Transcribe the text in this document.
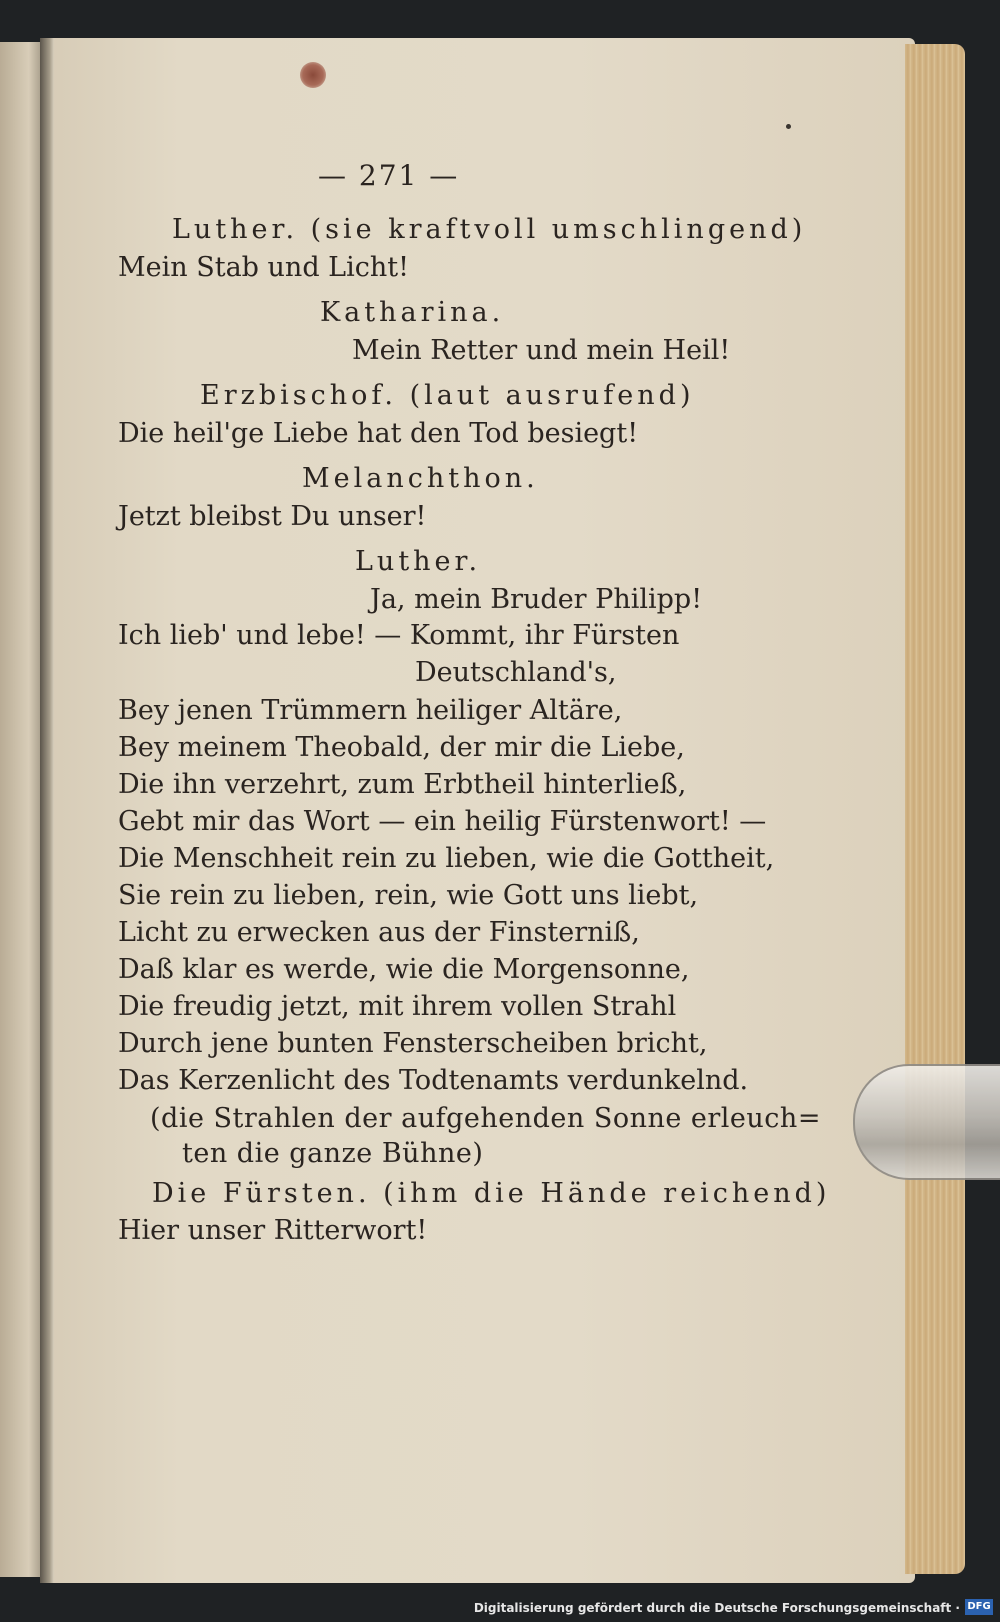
— 271 —
Luther. (sie kraftvoll umschlingend)
Mein Stab und Licht!
Katharina.
Mein Retter und mein Heil!
Erzbischof. (laut ausrufend)
Die heil'ge Liebe hat den Tod besiegt!
Melanchthon.
Jetzt bleibst Du unser!
Luther.
Ja, mein Bruder Philipp!
Ich lieb' und lebe! — Kommt, ihr Fürsten
Deutschland's,
Bey jenen Trümmern heiliger Altäre,
Bey meinem Theobald, der mir die Liebe,
Die ihn verzehrt, zum Erbtheil hinterließ,
Gebt mir das Wort — ein heilig Fürstenwort! —
Die Menschheit rein zu lieben, wie die Gottheit,
Sie rein zu lieben, rein, wie Gott uns liebt,
Licht zu erwecken aus der Finsterniß,
Daß klar es werde, wie die Morgensonne,
Die freudig jetzt, mit ihrem vollen Strahl
Durch jene bunten Fensterscheiben bricht,
Das Kerzenlicht des Todtenamts verdunkelnd.
(die Strahlen der aufgehenden Sonne erleuch=
ten die ganze Bühne)
Die Fürsten. (ihm die Hände reichend)
Hier unser Ritterwort!
Digitalisierung gefördert durch die Deutsche Forschungsgemeinschaft · DFG
